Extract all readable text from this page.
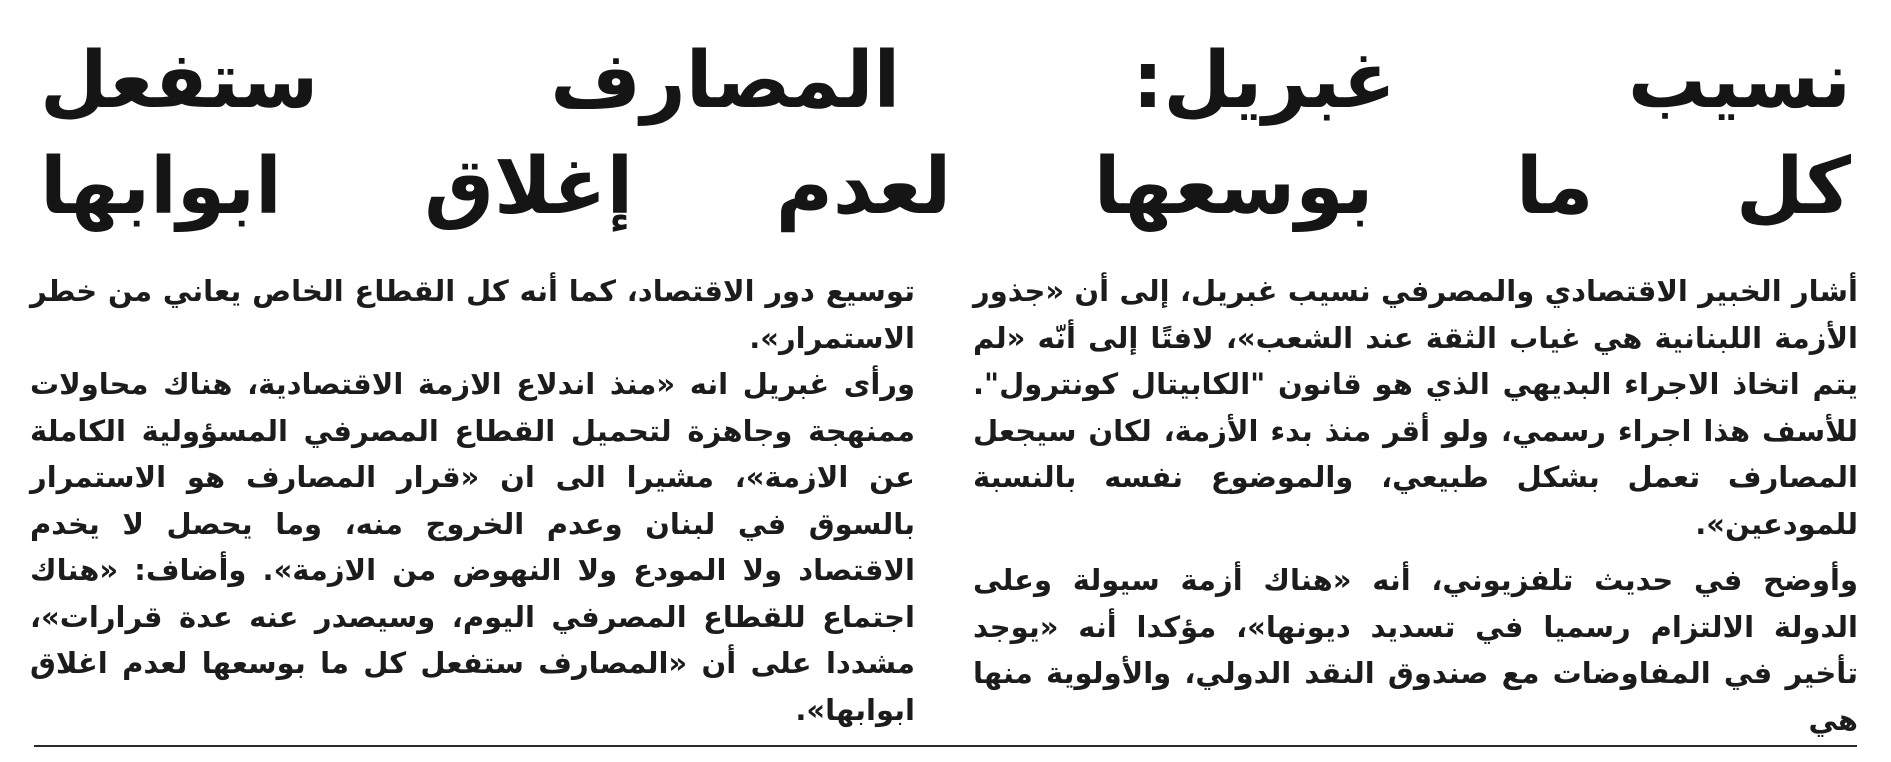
نسيب غبريل: المصارف ستفعل
كل ما بوسعها لعدم إغلاق ابوابها
أشار الخبير الاقتصادي والمصرفي نسيب غبريل، إلى أن «جذور الأزمة اللبنانية هي غياب الثقة عند الشعب»، لافتًا إلى أنّه «لم يتم اتخاذ الاجراء البديهي الذي هو قانون "الكابيتال كونترول". للأسف هذا اجراء رسمي، ولو أقر منذ بدء الأزمة، لكان سيجعل المصارف تعمل بشكل طبيعي، والموضوع نفسه بالنسبة للمودعين».
وأوضح في حديث تلفزيوني، أنه «هناك أزمة سيولة وعلى الدولة الالتزام رسميا في تسديد ديونها»، مؤكدا أنه «يوجد تأخير في المفاوضات مع صندوق النقد الدولي، والأولوية منها هي
توسيع دور الاقتصاد، كما أنه كل القطاع الخاص يعاني من خطر الاستمرار».
ورأى غبريل انه «منذ اندلاع الازمة الاقتصادية، هناك محاولات ممنهجة وجاهزة لتحميل القطاع المصرفي المسؤولية الكاملة عن الازمة»، مشيرا الى ان «قرار المصارف هو الاستمرار بالسوق في لبنان وعدم الخروج منه، وما يحصل لا يخدم الاقتصاد ولا المودع ولا النهوض من الازمة». وأضاف: «هناك اجتماع للقطاع المصرفي اليوم، وسيصدر عنه عدة قرارات»، مشددا على أن «المصارف ستفعل كل ما بوسعها لعدم اغلاق ابوابها».
